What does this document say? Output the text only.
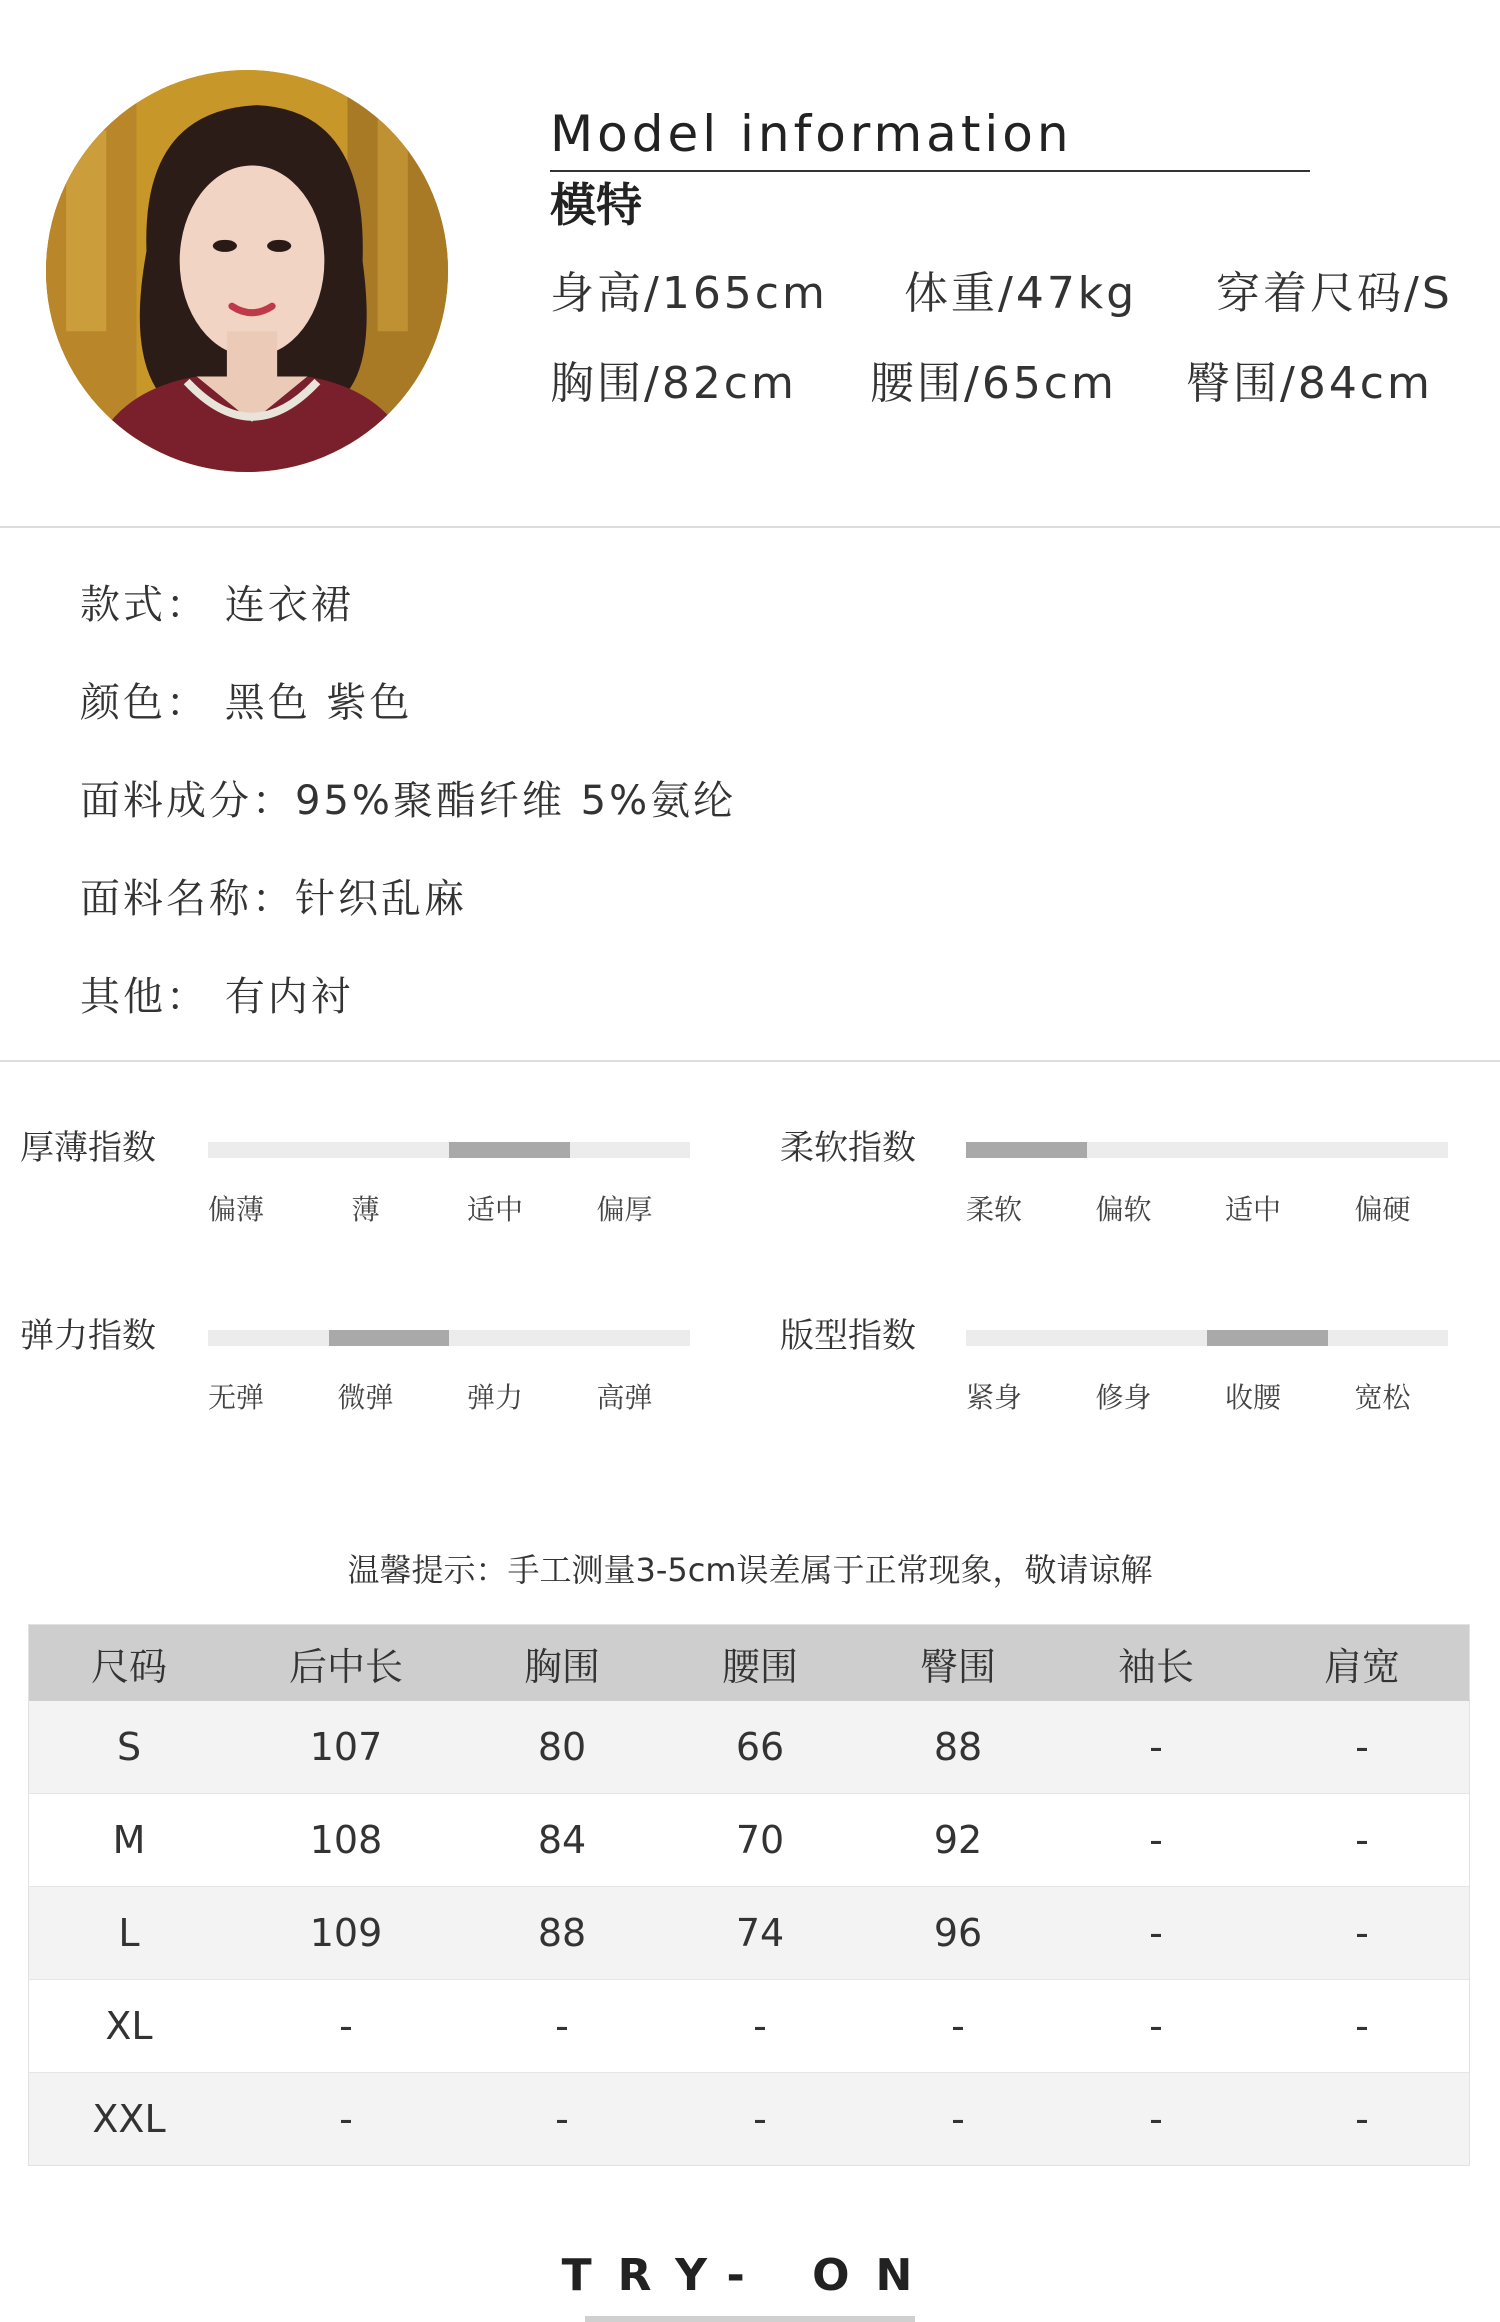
Model information
模特
身高/165cm 体重/47kg 穿着尺码/S
胸围/82cm 腰围/65cm 臀围/84cm
款式： 连衣裙
颜色： 黑色 紫色
面料成分：95%聚酯纤维 5%氨纶
面料名称：针织乱麻
其他： 有内衬
温馨提示：手工测量3-5cm误差属于正常现象，敬请谅解
尺码	后中长	胸围	腰围	臀围	袖长	肩宽
S	107	80	66	88	-	-
M	108	84	70	92	-	-
L	109	88	74	96	-	-
XL	-	-	-	-	-	-
XXL	-	-	-	-	-	-
TRY- ON
厚薄指数
偏薄	薄	适中	偏厚
柔软指数
柔软	偏软	适中	偏硬
弹力指数
无弹	微弹	弹力	高弹
版型指数
紧身	修身	收腰	宽松
